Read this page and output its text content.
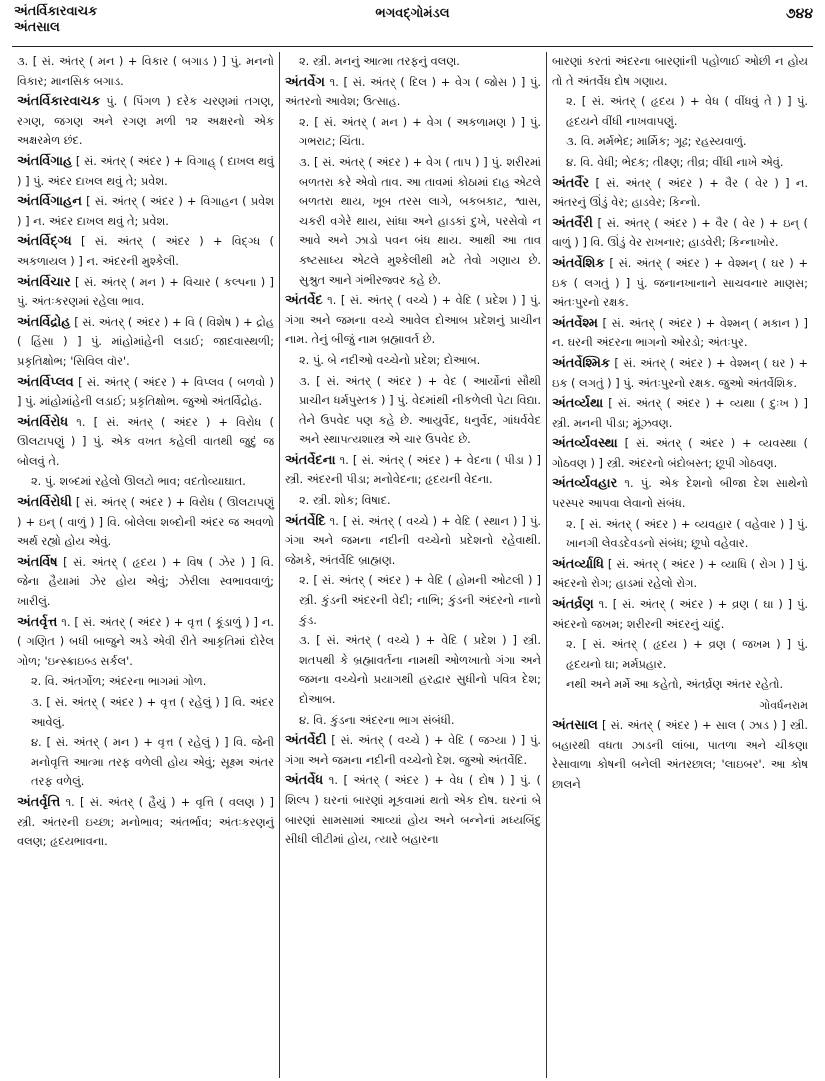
અંતર્વિકારવાચક
અંતસાલ
ભગવદ્ગોમંડલ	૭૪૪

૩. [ સં. અંતર્ ( મન ) + વિકાર ( બગાડ ) ] પું. મનનો વિકાર; માનસિક બગાડ.

અંતર્વિકારવાચક પું. ( પિંગળ ) દરેક ચરણમાં તગણ, રગણ, જગણ અને રગણ મળી ૧૨ અક્ષરનો એક અક્ષરમેળ છંદ.

અંતર્વિગાહ [ સં. અંતર્ ( અંદર ) + વિગાહ્ ( દાખલ થવું ) ] પું. અંદર દાખલ થવું તે; પ્રવેશ.

અંતર્વિગાહન [ સં. અંતર્ ( અંદર ) + વિગાહન ( પ્રવેશ ) ] ન. અંદર દાખલ થવું તે; પ્રવેશ.

અંતર્વિદ્ગ્ધ [ સં. અંતર્ ( અંદર ) + વિદ્ગ્ધ ( અકળાયલ ) ] ન. અંદરની મુશ્કેલી.

અંતર્વિચાર [ સં. અંતર્ ( મન ) + વિચાર ( કલ્પના ) ] પું. અંતઃકરણમાં રહેલા ભાવ.

અંતર્વિદ્રોહ [ સં. અંતર્ ( અંદર ) + વિ ( વિશેષ ) + દ્રોહ ( હિંસા ) ] પું. માંહોમાંહેની લડાઈ; જાદવાસ્થળી; પ્રકૃતિક્ષોભ; 'સિવિલ વૉર'.

અંતર્વિપ્લવ [ સં. અંતર્ ( અંદર ) + વિપ્લવ ( બળવો ) ] પું. માંહોમાંહેની લડાઈ; પ્રકૃતિક્ષોભ. જુઓ અંતર્વિદ્રોહ.

અંતર્વિરોધ ૧. [ સં. અંતર્ ( અંદર ) + વિરોધ ( ઊલટાપણું ) ] પું. એક વખત કહેલી વાતથી જુદું જ બોલવું તે.

૨. પું. શબ્દમાં રહેલો ઊલટો ભાવ; વદતોવ્યાઘાત.

અંતર્વિરોધી [ સં. અંતર્ ( અંદર ) + વિરોધ ( ઊલટાપણું ) + ઇન્ ( વાળું ) ] વિ. બોલેલા શબ્દોની અંદર જ અવળો અર્થ રહ્યો હોય એવું.

અંતર્વિષ [ સં. અંતર્ ( હૃદય ) + વિષ ( ઝેર ) ] વિ. જેના હૈયામાં ઝેર હોય એવું; ઝેરીલા સ્વભાવવાળું; ખારીલું.

અંતર્વૃત્ત ૧. [ સં. અંતર્ ( અંદર ) + વૃત્ત ( કૂંડાળું ) ] ન. ( ગણિત ) બધી બાજુને અડે એવી રીતે આકૃતિમાં દોરેલ ગોળ; 'ઇન્સ્ક્રાઇબ્ડ સર્કલ'.

૨. વિ. અંતર્ગોળ; અંદરના ભાગમાં ગોળ.

૩. [ સં. અંતર્ ( અંદર ) + વૃત્ત ( રહેલું ) ] વિ. અંદર આવેલું.

૪. [ સં. અંતર્ ( મન ) + વૃત્ત ( રહેલું ) ] વિ. જેની મનોવૃત્તિ આત્મા તરફ વળેલી હોય એવું; સૂક્ષ્મ અંતર તરફ વળેલું.

અંતર્વૃત્તિ ૧. [ સં. અંતર્ ( હૈયું ) + વૃત્તિ ( વલણ ) ] સ્ત્રી. અંતરની ઇચ્છા; મનોભાવ; અંતર્ભાવ; અંતઃકરણનું વલણ; હૃદયભાવના.

૨. સ્ત્રી. મનનું આત્મા તરફનું વલણ.

અંતર્વેગ ૧. [ સં. અંતર્ ( દિલ ) + વેગ ( જોસ ) ] પું. અંતરનો આવેશ; ઉત્સાહ.

૨. [ સં. અંતર્ ( મન ) + વેગ ( અકળામણ ) ] પું. ગભરાટ; ચિંતા.

૩. [ સં. અંતર્ ( અંદર ) + વેગ ( તાપ ) ] પું. શરીરમાં બળતરા કરે એવો તાવ. આ તાવમાં કોઠામાં દાહ એટલે બળતરા થાય, ખૂબ તરસ લાગે, બકબકાટ, શ્વાસ, ચકરી વગેરે થાય, સાંધા અને હાડકાં દુખે, પરસેવો ન આવે અને ઝાડો પવન બંધ થાય. આથી આ તાવ કષ્ટસાધ્ય એટલે મુશ્કેલીથી મટે તેવો ગણાય છે. સુશ્રુત આને ગંભીરજ્વર કહે છે.

અંતર્વેદ ૧. [ સં. અંતર્ ( વચ્ચે ) + વેદિ ( પ્રદેશ ) ] પું. ગંગા અને જમના વચ્ચે આવેલ દોઆબ પ્રદેશનું પ્રાચીન નામ. તેનું બીજું નામ બ્રહ્માવર્ત છે.

૨. પું. બે નદીઓ વચ્ચેનો પ્રદેશ; દોઆબ.

૩. [ સં. અંતર્ ( અંદર ) + વેદ ( આર્યોનાં સૌથી પ્રાચીન ધર્મપુસ્તક ) ] પું. વેદમાંથી નીકળેલી પેટા વિદ્યા. તેને ઉપવેદ પણ કહે છે. આયુર્વેદ, ધનુર્વેદ, ગાંધર્વવેદ અને સ્થાપત્યશાસ્ત્ર એ ચાર ઉપવેદ છે.

અંતર્વેદના ૧. [ સં. અંતર્ ( અંદર ) + વેદના ( પીડા ) ] સ્ત્રી. અંદરની પીડા; મનોવેદના; હૃદયની વેદના.

૨. સ્ત્રી. શોક; વિષાદ.

અંતર્વેદિ ૧. [ સં. અંતર્ ( વચ્ચે ) + વેદિ ( સ્થાન ) ] પું. ગંગા અને જમના નદીની વચ્ચેનો પ્રદેશનો રહેવાથી. જેમકે, અંતર્વેદિ બ્રાહ્મણ.

૨. [ સં. અંતર્ ( અંદર ) + વેદિ ( હોમની ઓટલી ) ] સ્ત્રી. કુંડની અંદરની વેદી; નાભિ; કુંડની અંદરનો નાનો કુંડ.

૩. [ સં. અંતર્ ( વચ્ચે ) + વેદિ ( પ્રદેશ ) ] સ્ત્રી. શતપથી કે બ્રહ્માવર્તના નામથી ઓળખાતો ગંગા અને જમના વચ્ચેનો પ્રયાગથી હરદ્વાર સુધીનો પવિત્ર દેશ; દોઆબ.

૪. વિ. કુંડના અંદરના ભાગ સંબંધી.

અંતર્વેદી [ સં. અંતર્ ( વચ્ચે ) + વેદિ ( જગ્યા ) ] પું. ગંગા અને જમના નદીની વચ્ચેનો દેશ. જુઓ અંતર્વેદિ.

અંતર્વેધ ૧. [ અંતર્ ( અંદર ) + વેધ ( દોષ ) ] પું. ( શિલ્પ ) ઘરનાં બારણાં મૂકવામાં થતો એક દોષ. ઘરનાં બે બારણાં સામસામાં આવ્યાં હોય અને બન્નેનાં મધ્યબિંદુ સીધી લીટીમાં હોય, ત્યારે બહારના

બારણાં કરતાં અંદરના બારણાંની પહોળાઈ ઓછી ન હોય તો તે અંતર્વેધ દોષ ગણાય.

૨. [ સં. અંતર્ ( હૃદય ) + વેધ ( વીંધવું તે ) ] પું. હૃદયને વીંધી નાખવાપણું.

૩. વિ. મર્મભેદ; માર્મિક; ગૂઢ; રહસ્યવાળું.

૪. વિ. વેધી; ભેદક; તીક્ષ્ણ; તીવ્ર; વીંધી નાખે એવું.

અંતર્વૈર [ સં. અંતર્ ( અંદર ) + વૈર ( વેર ) ] ન. અંતરનું ઊંડું વેર; હાડવેર; કિન્નો.

અંતર્વૈરી [ સં. અંતર્ ( અંદર ) + વૈર ( વેર ) + ઇન્ ( વાળું ) ] વિ. ઊંડું વેર રાખનાર; હાડવેરી; કિન્નાખોર.

અંતર્વેશિક [ સં. અંતર્ ( અંદર ) + વેશ્મન્ ( ઘર ) + ઇક ( લગતું ) ] પું. જનાનખાનાને સાચવનાર માણસ; અંતઃપુરનો રક્ષક.

અંતર્વેશ્મ [ સં. અંતર્ ( અંદર ) + વેશ્મન્ ( મકાન ) ] ન. ઘરની અંદરના ભાગનો ઓરડો; અંતઃપુર.

અંતર્વેશ્મિક [ સં. અંતર્ ( અંદર ) + વેશ્મન્ ( ઘર ) + ઇક ( લગતું ) ] પું. અંતઃપુરનો રક્ષક. જુઓ અંતર્વેશિક.

અંતર્વ્યથા [ સં. અંતર્ ( અંદર ) + વ્યથા ( દુઃખ ) ] સ્ત્રી. મનની પીડા; મૂંઝવણ.

અંતર્વ્યવસ્થા [ સં. અંતર્ ( અંદર ) + વ્યવસ્થા ( ગોઠવણ ) ] સ્ત્રી. અંદરનો બંદોબસ્ત; છૂપી ગોઠવણ.

અંતર્વ્યવહાર ૧. પું. એક દેશનો બીજા દેશ સાથેનો પરસ્પર આપવા લેવાનો સંબંધ.

૨. [ સં. અંતર્ ( અંદર ) + વ્યવહાર ( વહેવાર ) ] પું. ખાનગી લેવડદેવડનો સંબંધ; છૂપો વહેવાર.

અંતર્વ્યાધિ [ સં. અંતર્ ( અંદર ) + વ્યાધિ ( રોગ ) ] પું. અંદરનો રોગ; હાડમાં રહેલો રોગ.

અંતર્વ્રણ ૧. [ સં. અંતર્ ( અંદર ) + વ્રણ ( ઘા ) ] પું. અંદરનો જખમ; શરીરની અંદરનું ચાંદું.

૨. [ સં. અંતર્ ( હૃદય ) + વ્રણ ( જખમ ) ] પું. હૃદયનો ઘા; મર્મપ્રહાર.

નથી અને મર્મે આ કહેતો, અંતર્વ્રણ અંતર રહેતો.

ગોવર્ધનરામ

અંતસાલ [ સં. અંતર્ ( અંદર ) + સાલ ( ઝાડ ) ] સ્ત્રી. બહારથી વધતા ઝાડની લાંબા, પાતળા અને ચીકણા રેસાવાળા કોષની બનેલી અંતરછાલ; 'લાઇબર'. આ કોષ છાલને
